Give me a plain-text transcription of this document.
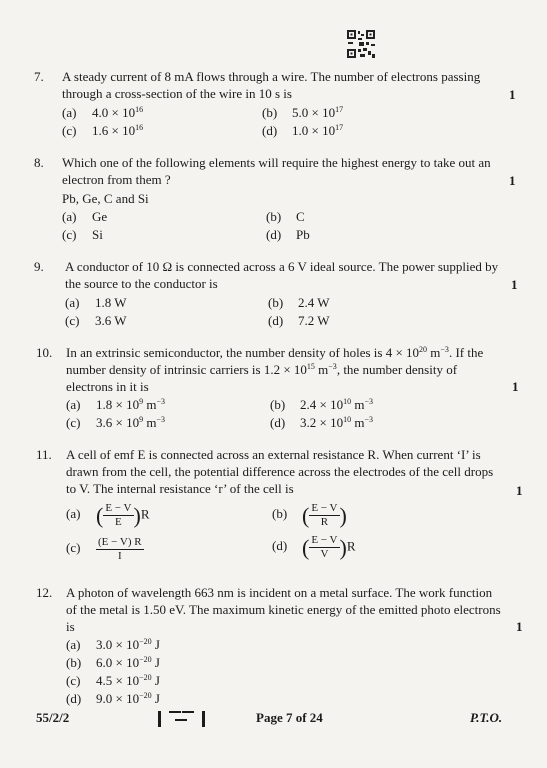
7.	A steady current of 8 mA flows through a wire. The number of electrons passing through a cross-section of the wire in 10 s is	1
(a) $4.0 \times 10^{16}$	(b) $5.0 \times 10^{17}$
(c) $1.6 \times 10^{16}$	(d) $1.0 \times 10^{17}$
8.	Which one of the following elements will require the highest energy to take out an electron from them ?	1
Pb, Ge, C and Si
(a) Ge	(b) C
(c) Si	(d) Pb
9.	A conductor of 10 Ω is connected across a 6 V ideal source. The power supplied by the source to the conductor is	1
(a) 1.8 W	(b) 2.4 W
(c) 3.6 W	(d) 7.2 W
10.	In an extrinsic semiconductor, the number density of holes is $4 \times 10^{20}$ $m^{-3}$. If the number density of intrinsic carriers is $1.2 \times 10^{15}$ $m^{-3}$, the number density of electrons in it is	1
(a) $1.8 \times 10^9$ $m^{-3}$	(b) $2.4 \times 10^{10}$ $m^{-3}$
(c) $3.6 \times 10^9$ $m^{-3}$	(d) $3.2 \times 10^{10}$ $m^{-3}$
11.	A cell of emf E is connected across an external resistance R. When current ‘I’ is drawn from the cell, the potential difference across the electrodes of the cell drops to V. The internal resistance ‘r’ of the cell is	1
(a) ( $\frac{E - V}{E} )R$	(b) ( $\frac{E - V}{R}$ )
$(c) \frac{(E - V) R}{I}$	(d) ( $\frac{E - V}{V} )R$
12.	A photon of wavelength 663 nm is incident on a metal surface. The work function of the metal is 1.50 eV. The maximum kinetic energy of the emitted photo electrons is	1
(a) $3.0 \times 10^{-20}$ J
(b) $6.0 \times 10^{-20}$ J
(c) $4.5 \times 10^{-20}$ J
(d) $9.0 \times 10^{-20}$ J
55/2/2	Page 7 of 24	P.T.O.
